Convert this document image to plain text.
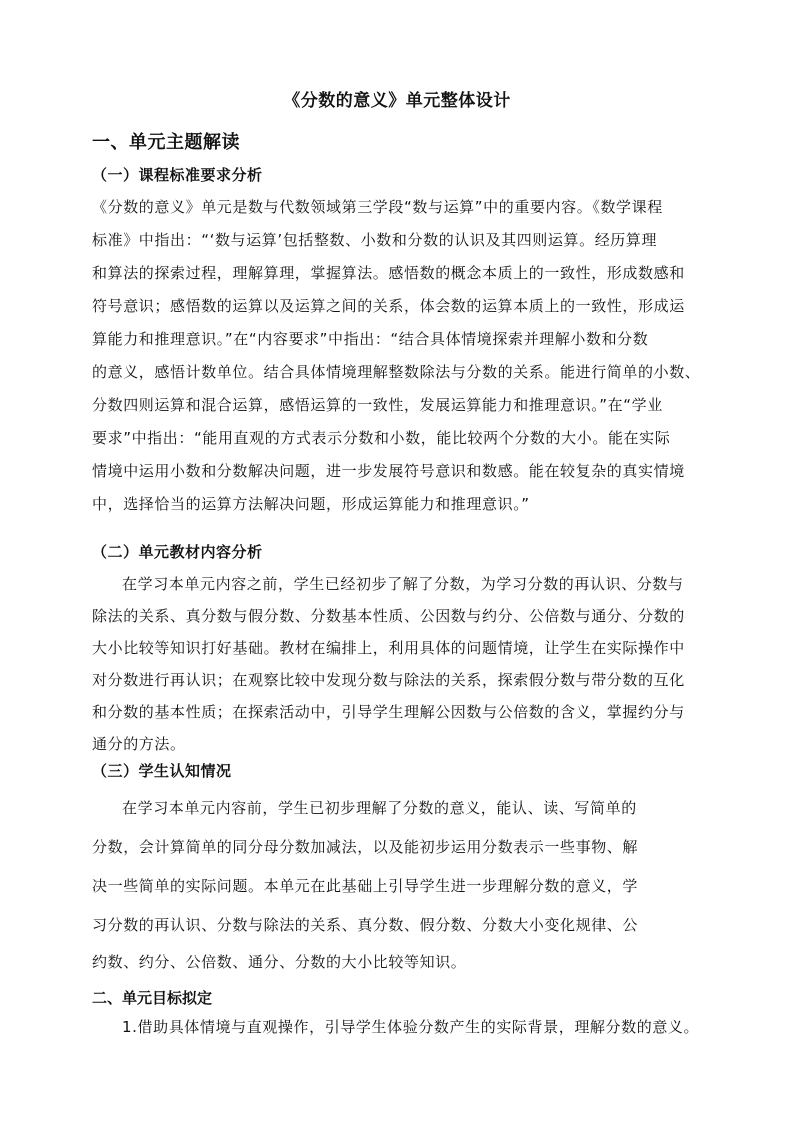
《分数的意义》单元整体设计
一、单元主题解读
（一）课程标准要求分析
《分数的意义》单元是数与代数领域第三学段“数与运算”中的重要内容。《数学课程
标准》中指出：“‘数与运算’包括整数、小数和分数的认识及其四则运算。经历算理
和算法的探索过程，理解算理，掌握算法。感悟数的概念本质上的一致性，形成数感和
符号意识；感悟数的运算以及运算之间的关系，体会数的运算本质上的一致性，形成运
算能力和推理意识。”在“内容要求”中指出：“结合具体情境探索并理解小数和分数
的意义，感悟计数单位。结合具体情境理解整数除法与分数的关系。能进行简单的小数、
分数四则运算和混合运算，感悟运算的一致性，发展运算能力和推理意识。”在“学业
要求”中指出：“能用直观的方式表示分数和小数，能比较两个分数的大小。能在实际
情境中运用小数和分数解决问题，进一步发展符号意识和数感。能在较复杂的真实情境
中，选择恰当的运算方法解决问题，形成运算能力和推理意识。”
（二）单元教材内容分析
在学习本单元内容之前，学生已经初步了解了分数，为学习分数的再认识、分数与
除法的关系、真分数与假分数、分数基本性质、公因数与约分、公倍数与通分、分数的
大小比较等知识打好基础。教材在编排上，利用具体的问题情境，让学生在实际操作中
对分数进行再认识；在观察比较中发现分数与除法的关系，探索假分数与带分数的互化
和分数的基本性质；在探索活动中，引导学生理解公因数与公倍数的含义，掌握约分与
通分的方法。
（三）学生认知情况
在学习本单元内容前，学生已初步理解了分数的意义，能认、读、写简单的
分数，会计算简单的同分母分数加减法，以及能初步运用分数表示一些事物、解
决一些简单的实际问题。本单元在此基础上引导学生进一步理解分数的意义，学
习分数的再认识、分数与除法的关系、真分数、假分数、分数大小变化规律、公
约数、约分、公倍数、通分、分数的大小比较等知识。
二、单元目标拟定
1.借助具体情境与直观操作，引导学生体验分数产生的实际背景，理解分数的意义。
